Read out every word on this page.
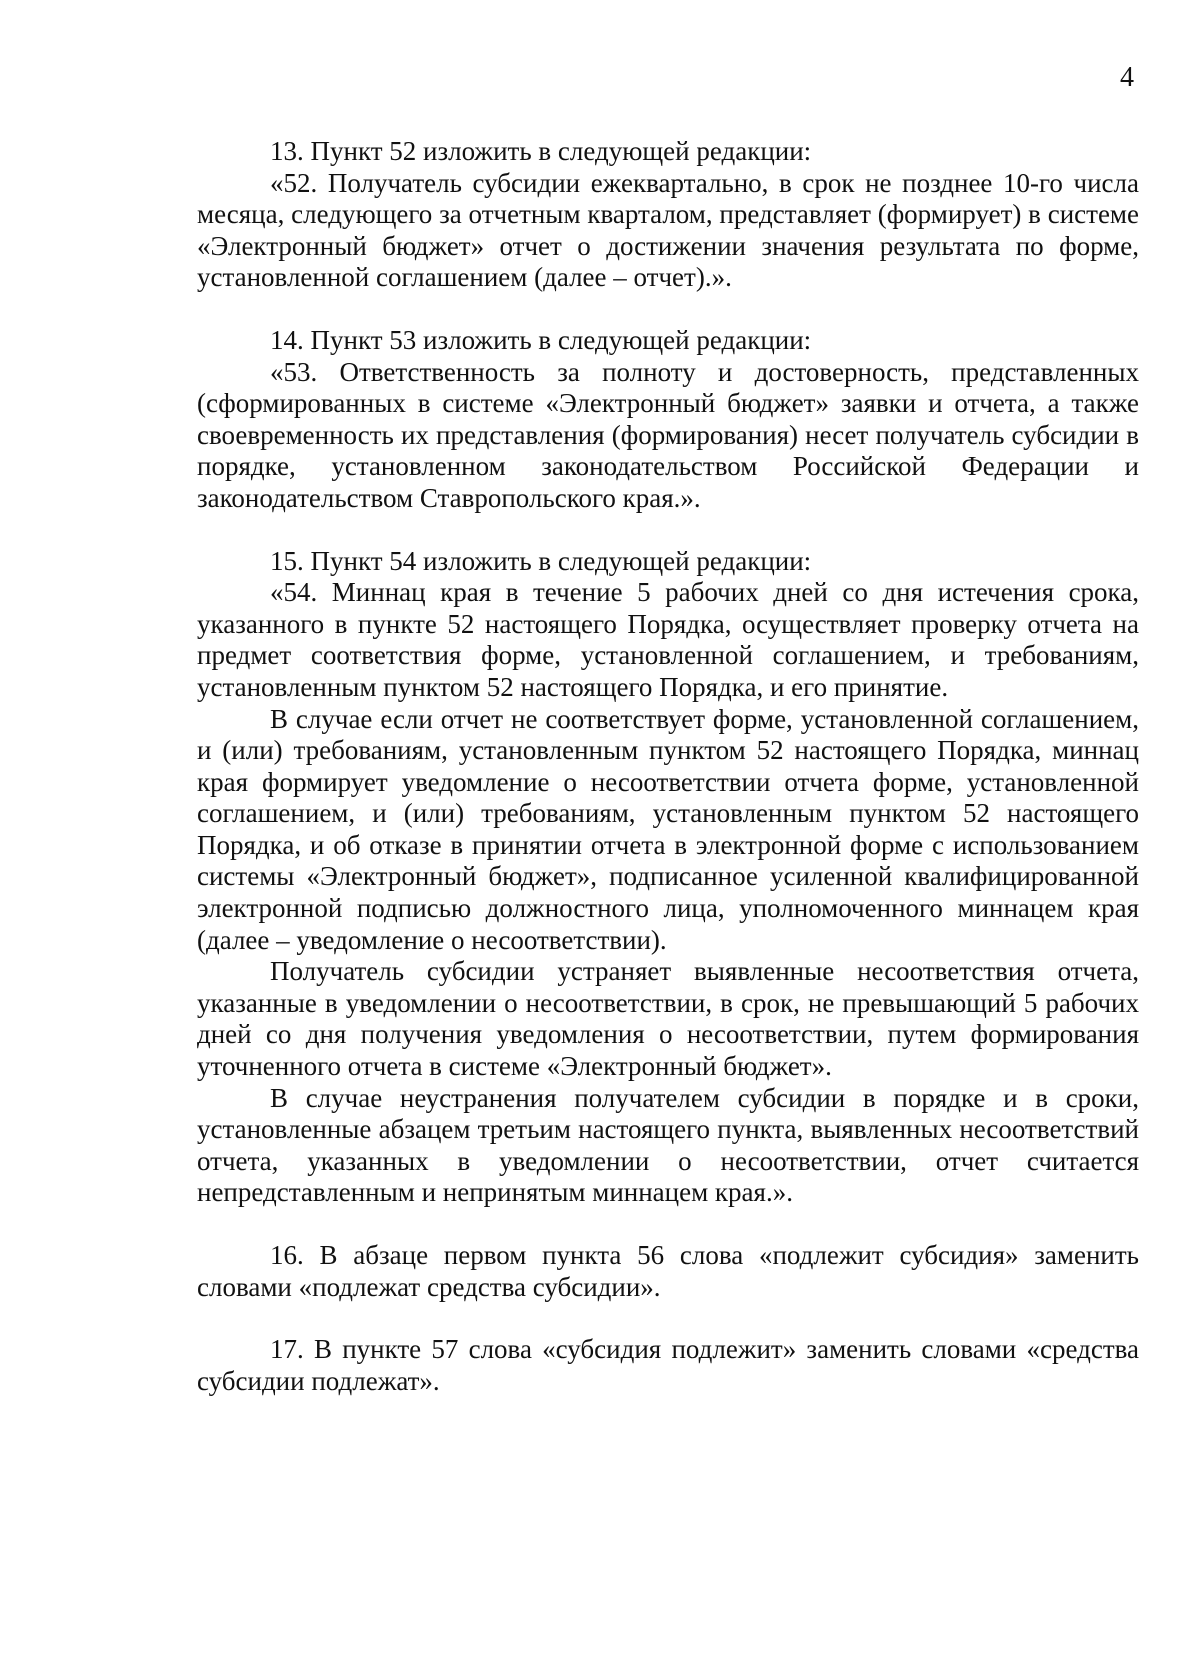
4

13. Пункт 52 изложить в следующей редакции:

«52. Получатель субсидии ежеквартально, в срок не позднее 10-го числа месяца, следующего за отчетным кварталом, представляет (формирует) в системе «Электронный бюджет» отчет о достижении значения результата по форме, установленной соглашением (далее – отчет).».

14. Пункт 53 изложить в следующей редакции:

«53. Ответственность за полноту и достоверность, представленных (сформированных в системе «Электронный бюджет» заявки и отчета, а также своевременность их представления (формирования) несет получатель субсидии в порядке, установленном законодательством Российской Федерации и законодательством Ставропольского края.».

15. Пункт 54 изложить в следующей редакции:

«54. Миннац края в течение 5 рабочих дней со дня истечения срока, указанного в пункте 52 настоящего Порядка, осуществляет проверку отчета на предмет соответствия форме, установленной соглашением, и требованиям, установленным пунктом 52 настоящего Порядка, и его принятие.

В случае если отчет не соответствует форме, установленной соглашением, и (или) требованиям, установленным пунктом 52 настоящего Порядка, миннац края формирует уведомление о несоответствии отчета форме, установленной соглашением, и (или) требованиям, установленным пунктом 52 настоящего Порядка, и об отказе в принятии отчета в электронной форме с использованием системы «Электронный бюджет», подписанное усиленной квалифицированной электронной подписью должностного лица, уполномоченного миннацем края (далее – уведомление о несоответствии).

Получатель субсидии устраняет выявленные несоответствия отчета, указанные в уведомлении о несоответствии, в срок, не превышающий 5 рабочих дней со дня получения уведомления о несоответствии, путем формирования уточненного отчета в системе «Электронный бюджет».

В случае неустранения получателем субсидии в порядке и в сроки, установленные абзацем третьим настоящего пункта, выявленных несоответствий отчета, указанных в уведомлении о несоответствии, отчет считается непредставленным и непринятым миннацем края.».

16. В абзаце первом пункта 56 слова «подлежит субсидия» заменить словами «подлежат средства субсидии».

17. В пункте 57 слова «субсидия подлежит» заменить словами «средства субсидии подлежат».
